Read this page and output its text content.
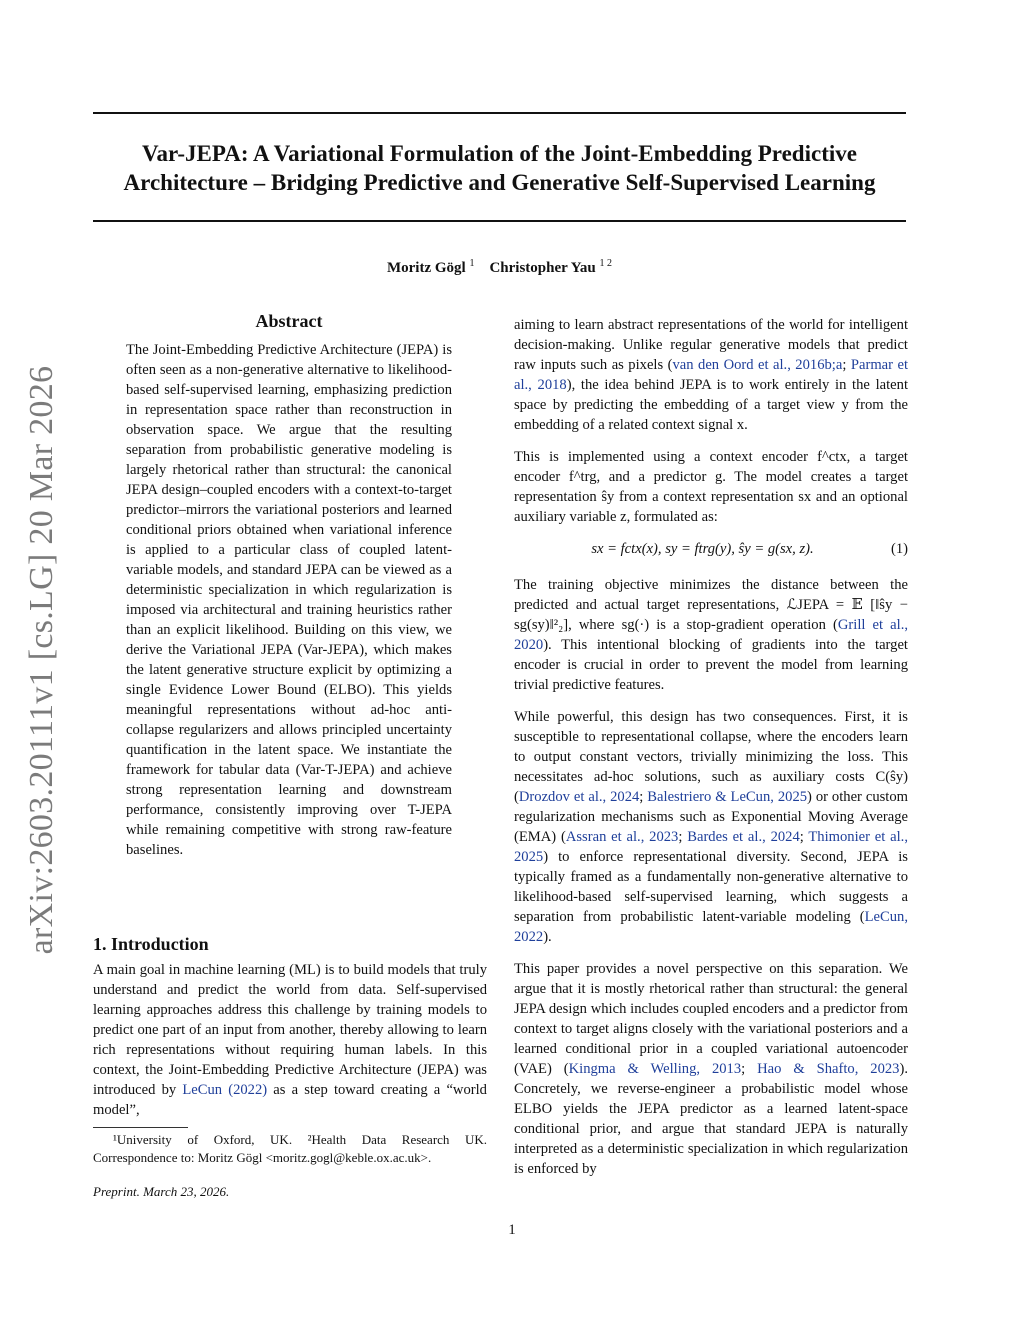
Var-JEPA: A Variational Formulation of the Joint-Embedding Predictive
Architecture – Bridging Predictive and Generative Self-Supervised Learning
Moritz Gögl $^1$ Christopher Yau $^{1 2}$
arXiv:2603.20111v1 [cs.LG] 20 Mar 2026
Abstract

The Joint-Embedding Predictive Architecture (JEPA) is often seen as a non-generative alternative to likelihood-based self-supervised learning, emphasizing prediction in representation space rather than reconstruction in observation space. We argue that the resulting separation from probabilistic generative modeling is largely rhetorical rather than structural: the canonical JEPA design–coupled encoders with a context-to-target predictor–mirrors the variational posteriors and learned conditional priors obtained when variational inference is applied to a particular class of coupled latent-variable models, and standard JEPA can be viewed as a deterministic specialization in which regularization is imposed via architectural and training heuristics rather than an explicit likelihood. Building on this view, we derive the Variational JEPA (Var-JEPA), which makes the latent generative structure explicit by optimizing a single Evidence Lower Bound (ELBO). This yields meaningful representations without ad-hoc anti-collapse regularizers and allows principled uncertainty quantification in the latent space. We instantiate the framework for tabular data (Var-T-JEPA) and achieve strong representation learning and downstream performance, consistently improving over T-JEPA while remaining competitive with strong raw-feature baselines.

1. Introduction

A main goal in machine learning (ML) is to build models that truly understand and predict the world from data. Self-supervised learning approaches address this challenge by training models to predict one part of an input from another, thereby allowing to learn rich representations without requiring human labels. In this context, the Joint-Embedding Predictive Architecture (JEPA) was introduced by LeCun (2022) as a step toward creating a “world model”,

¹University of Oxford, UK. ²Health Data Research UK. Correspondence to: Moritz Gögl <moritz.gogl@keble.ox.ac.uk>.

Preprint. March 23, 2026.

aiming to learn abstract representations of the world for intelligent decision-making. Unlike regular generative models that predict raw inputs such as pixels (van den Oord et al., 2016b;a; Parmar et al., 2018), the idea behind JEPA is to work entirely in the latent space by predicting the embedding of a target view y from the embedding of a related context signal x.

This is implemented using a context encoder f^ctx, a target encoder f^trg, and a predictor g. The model creates a target representation ŝy from a context representation sx and an optional auxiliary variable z, formulated as:

sx = fctx(x), sy = ftrg(y), ŝy = g(sx, z).	(1)

The training objective minimizes the distance between the predicted and actual target representations, ℒJEPA = 𝔼 [‖ŝy − sg(sy)‖²₂], where sg(·) is a stop-gradient operation (Grill et al., 2020). This intentional blocking of gradients into the target encoder is crucial in order to prevent the model from learning trivial predictive features.

While powerful, this design has two consequences. First, it is susceptible to representational collapse, where the encoders learn to output constant vectors, trivially minimizing the loss. This necessitates ad-hoc solutions, such as auxiliary costs C(ŝy) (Drozdov et al., 2024; Balestriero & LeCun, 2025) or other custom regularization mechanisms such as Exponential Moving Average (EMA) (Assran et al., 2023; Bardes et al., 2024; Thimonier et al., 2025) to enforce representational diversity. Second, JEPA is typically framed as a fundamentally non-generative alternative to likelihood-based self-supervised learning, which suggests a separation from probabilistic latent-variable modeling (LeCun, 2022).

This paper provides a novel perspective on this separation. We argue that it is mostly rhetorical rather than structural: the general JEPA design which includes coupled encoders and a predictor from context to target aligns closely with the variational posteriors and a learned conditional prior in a coupled variational autoencoder (VAE) (Kingma & Welling, 2013; Hao & Shafto, 2023). Concretely, we reverse-engineer a probabilistic model whose ELBO yields the JEPA predictor as a learned latent-space conditional prior, and argue that standard JEPA is naturally interpreted as a deterministic specialization in which regularization is enforced by

1
